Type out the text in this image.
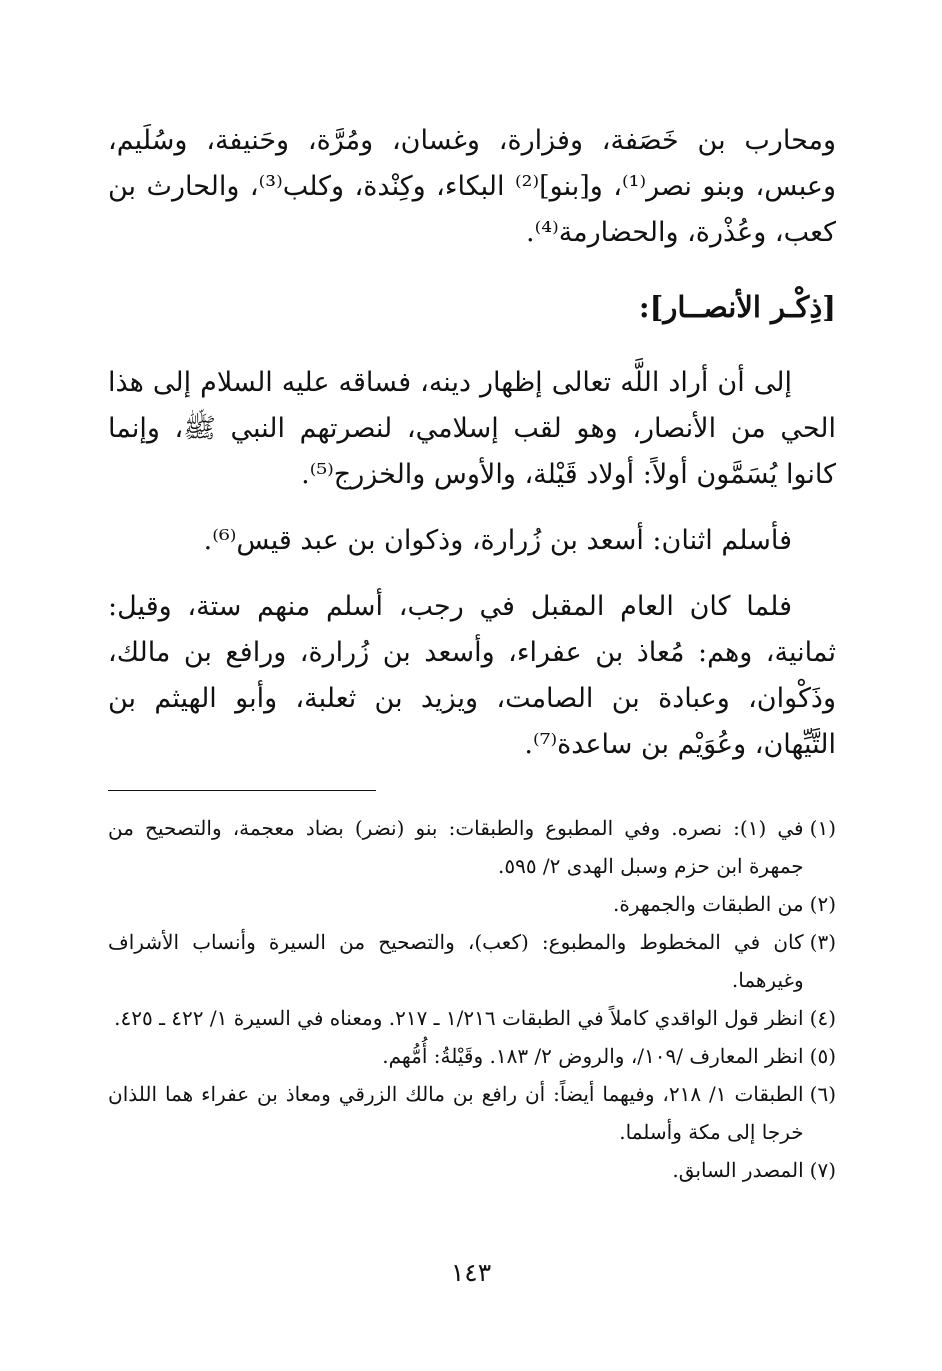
ومحارب بن خَصَفة، وفزارة، وغسان، ومُرَّة، وحَنيفة، وسُلَيم، وعبس، وبنو نصر⁽¹⁾، و[بنو]⁽²⁾ البكاء، وكِنْدة، وكلب⁽³⁾، والحارث بن كعب، وعُذْرة، والحضارمة⁽⁴⁾.

[ذِكْـر الأنصــار]:

إلى أن أراد اللَّه تعالى إظهار دينه، فساقه عليه السلام إلى هذا الحي من الأنصار، وهو لقب إسلامي، لنصرتهم النبي ﷺ، وإنما كانوا يُسَمَّون أولاً: أولاد قَيْلة، والأوس والخزرج⁽⁵⁾.

فأسلم اثنان: أسعد بن زُرارة، وذكوان بن عبد قيس⁽⁶⁾.

فلما كان العام المقبل في رجب، أسلم منهم ستة، وقيل: ثمانية، وهم: مُعاذ بن عفراء، وأسعد بن زُرارة، ورافع بن مالك، وذَكْوان، وعبادة بن الصامت، ويزيد بن ثعلبة، وأبو الهيثم بن التَّيِّهان، وعُوَيْم بن ساعدة⁽⁷⁾.

(١)
في (١): نصره. وفي المطبوع والطبقات: بنو (نضر) بضاد معجمة، والتصحيح من جمهرة ابن حزم وسبل الهدى ٢/ ٥٩٥.
(٢)
من الطبقات والجمهرة.
(٣)
كان في المخطوط والمطبوع: (كعب)، والتصحيح من السيرة وأنساب الأشراف وغيرهما.
(٤)
انظر قول الواقدي كاملاً في الطبقات ١/٢١٦ ـ ٢١٧. ومعناه في السيرة ١/ ٤٢٢ ـ ٤٢٥.
(٥)
انظر المعارف /١٠٩/، والروض ٢/ ١٨٣. وقَيْلةُ: أُمُّهم.
(٦)
الطبقات ١/ ٢١٨، وفيهما أيضاً: أن رافع بن مالك الزرقي ومعاذ بن عفراء هما اللذان خرجا إلى مكة وأسلما.
(٧)
المصدر السابق.
١٤٣
